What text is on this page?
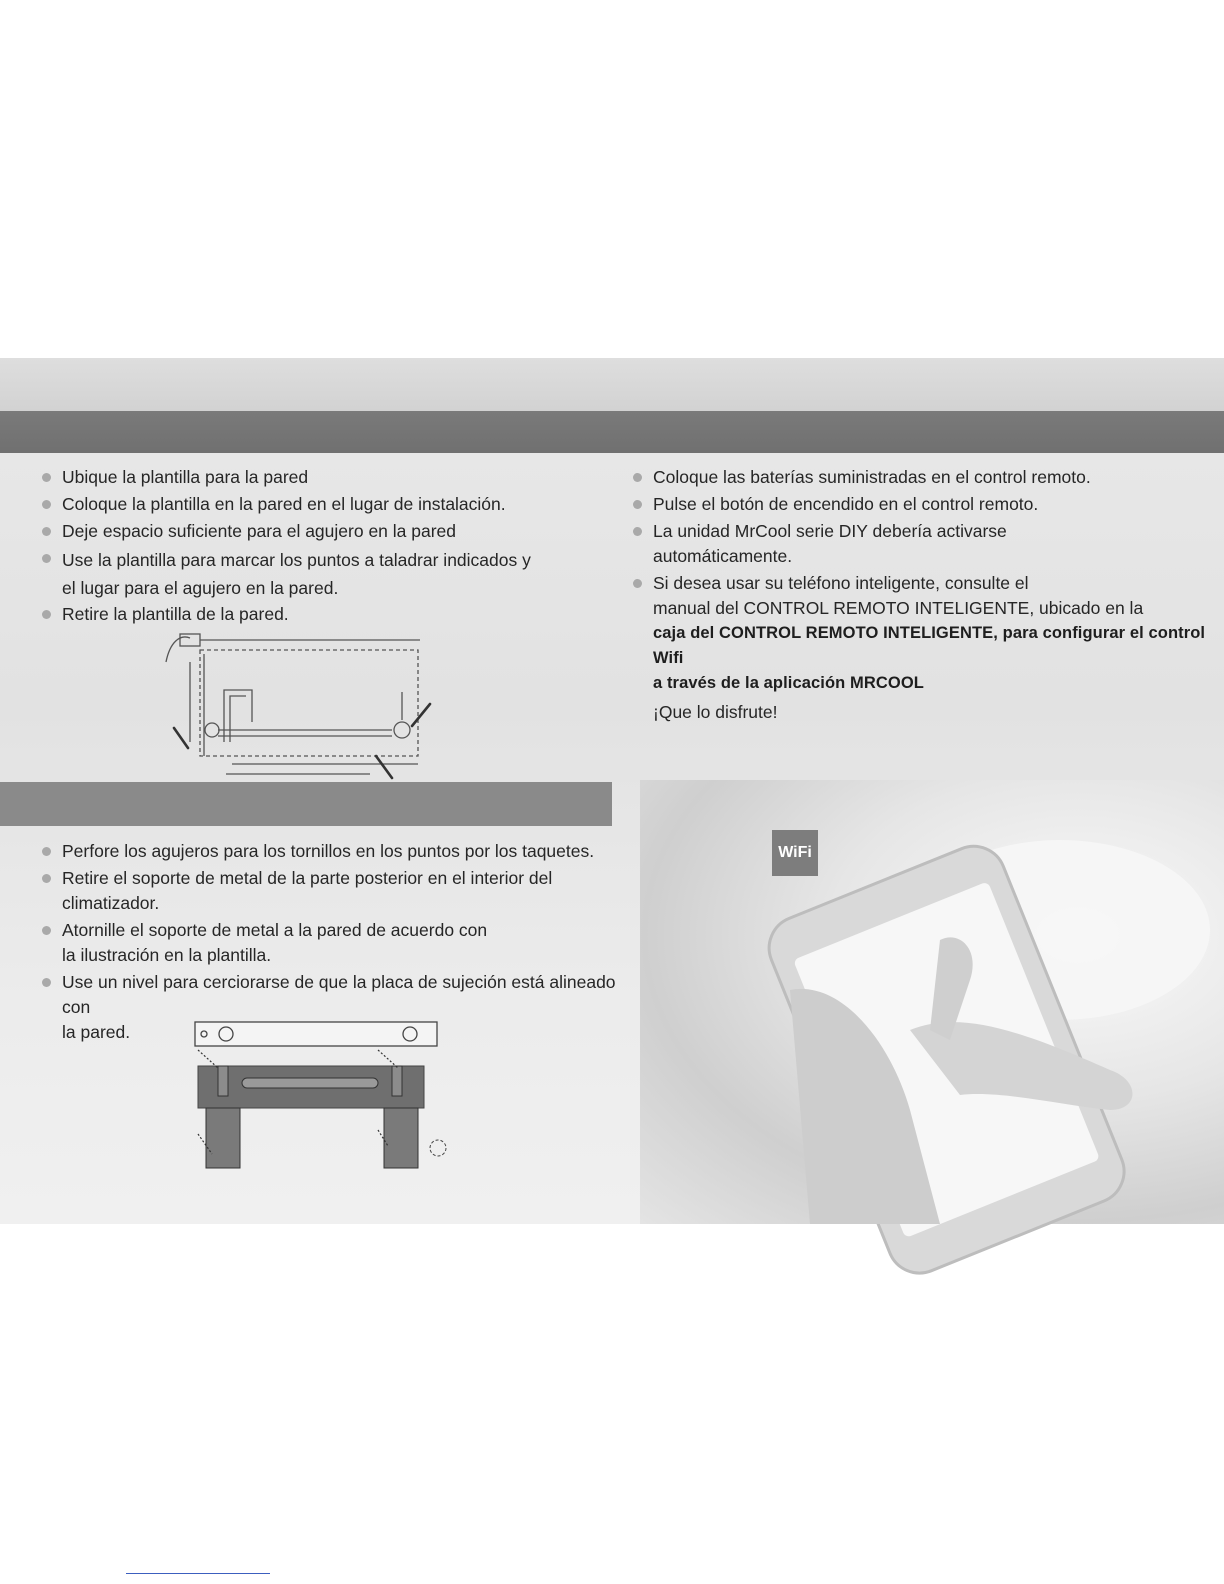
Ubique la plantilla para la pared
Coloque la plantilla en la pared en el lugar de instalación.
Deje espacio suficiente para el agujero en la pared
Use la plantilla para marcar los puntos a taladrar indicados y
el lugar para el agujero en la pared.
Retire la plantilla de la pared.
Perfore los agujeros para los tornillos en los puntos por los taquetes.
Retire el soporte de metal de la parte posterior en el interior del
climatizador.
Atornille el soporte de metal a la pared de acuerdo con
la ilustración en la plantilla.
Use un nivel para cerciorarse de que la placa de sujeción está alineado con
la pared.
Coloque las baterías suministradas en el control remoto.
Pulse el botón de encendido en el control remoto.
La unidad MrCool serie DIY debería activarse
automáticamente.
Si desea usar su teléfono inteligente, consulte el
manual del CONTROL REMOTO INTELIGENTE, ubicado en la
caja del CONTROL REMOTO INTELIGENTE, para configurar el control Wifi
a través de la aplicación MRCOOL
¡Que lo disfrute!
WiFi
